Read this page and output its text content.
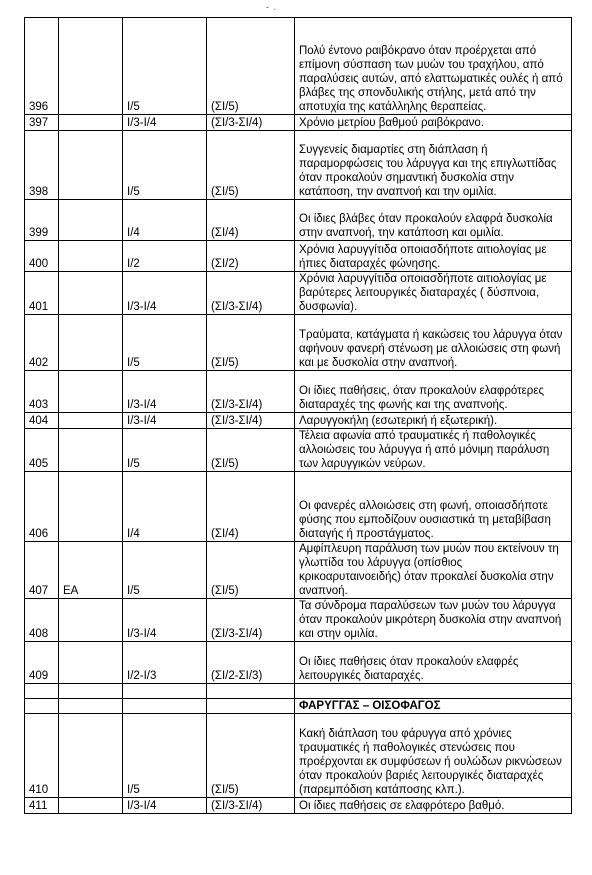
- .
396		Ι/5	(ΣΙ/5)	Πολύ έντονο ραιβόκρανο όταν προέρχεται από επίμονη σύσπαση των μυών του τραχήλου, από παραλύσεις αυτών, από ελαττωματικές ουλές ή από βλάβες της σπονδυλικής στήλης, μετά από την αποτυχία της κατάλληλης θεραπείας.

397		Ι/3-Ι/4	(ΣΙ/3-ΣΙ/4)	Χρόνιο μετρίου βαθμού ραιβόκρανο.

398		Ι/5	(ΣΙ/5)	Συγγενείς διαμαρτίες στη διάπλαση ή παραμορφώσεις του λάρυγγα και της επιγλωττίδας όταν προκαλούν σημαντική δυσκολία στην κατάποση, την αναπνοή και την ομιλία.

399		Ι/4	(ΣΙ/4)	Οι ίδιες βλάβες όταν προκαλούν ελαφρά δυσκολία στην αναπνοή, την κατάποση και ομιλία.

400		Ι/2	(ΣΙ/2)	Χρόνια λαρυγγίτιδα οποιασδήποτε αιτιολογίας με ήπιες διαταραχές φώνησης.

401		Ι/3-Ι/4	(ΣΙ/3-ΣΙ/4)	Χρόνια λαρυγγίτιδα οποιασδήποτε αιτιολογίας με βαρύτερες λειτουργικές διαταραχές ( δύσπνοια, δυσφωνία).

402		Ι/5	(ΣΙ/5)	Τραύματα, κατάγματα ή κακώσεις του λάρυγγα όταν αφήνουν φανερή στένωση με αλλοιώσεις στη φωνή και με δυσκολία στην αναπνοή.

403		Ι/3-Ι/4	(ΣΙ/3-ΣΙ/4)	Οι ίδιες παθήσεις, όταν προκαλούν ελαφρότερες διαταραχές της φωνής και της αναπνοής.

404		Ι/3-Ι/4	(ΣΙ/3-ΣΙ/4)	Λαρυγγοκήλη (εσωτερική ή εξωτερική).

405		Ι/5	(ΣΙ/5)	Τέλεια αφωνία από τραυματικές ή παθολογικές αλλοιώσεις του λάρυγγα ή από μόνιμη παράλυση των λαρυγγικών νεύρων.

406		Ι/4	(ΣΙ/4)	Οι φανερές αλλοιώσεις στη φωνή, οποιασδήποτε φύσης που εμποδίζουν ουσιαστικά τη μεταβίβαση διαταγής ή προστάγματος.

407	ΕΑ	Ι/5	(ΣΙ/5)	Αμφίπλευρη παράλυση των μυών που εκτείνουν τη γλωττίδα του λάρυγγα (οπίσθιος κρικοαρυταινοειδής) όταν προκαλεί δυσκολία στην αναπνοή.

408		Ι/3-Ι/4	(ΣΙ/3-ΣΙ/4)	Τα σύνδρομα παραλύσεων των μυών του λάρυγγα όταν προκαλούν μικρότερη δυσκολία στην αναπνοή και στην ομιλία.

409		Ι/2-Ι/3	(ΣΙ/2-ΣΙ/3)	Οι ίδιες παθήσεις όταν προκαλούν ελαφρές λειτουργικές διαταραχές.

				ΦΑΡΥΓΓΑΣ – ΟΙΣΟΦΑΓΟΣ

410		Ι/5	(ΣΙ/5)	Κακή διάπλαση του φάρυγγα από χρόνιες τραυματικές ή παθολογικές στενώσεις που προέρχονται εκ συμφύσεων ή ουλώδων ρικνώσεων όταν προκαλούν βαριές λειτουργικές διαταραχές (παρεμπόδιση κατάποσης κλπ.).

411		Ι/3-Ι/4	(ΣΙ/3-ΣΙ/4)	Οι ίδιες παθήσεις σε ελαφρότερο βαθμό.
